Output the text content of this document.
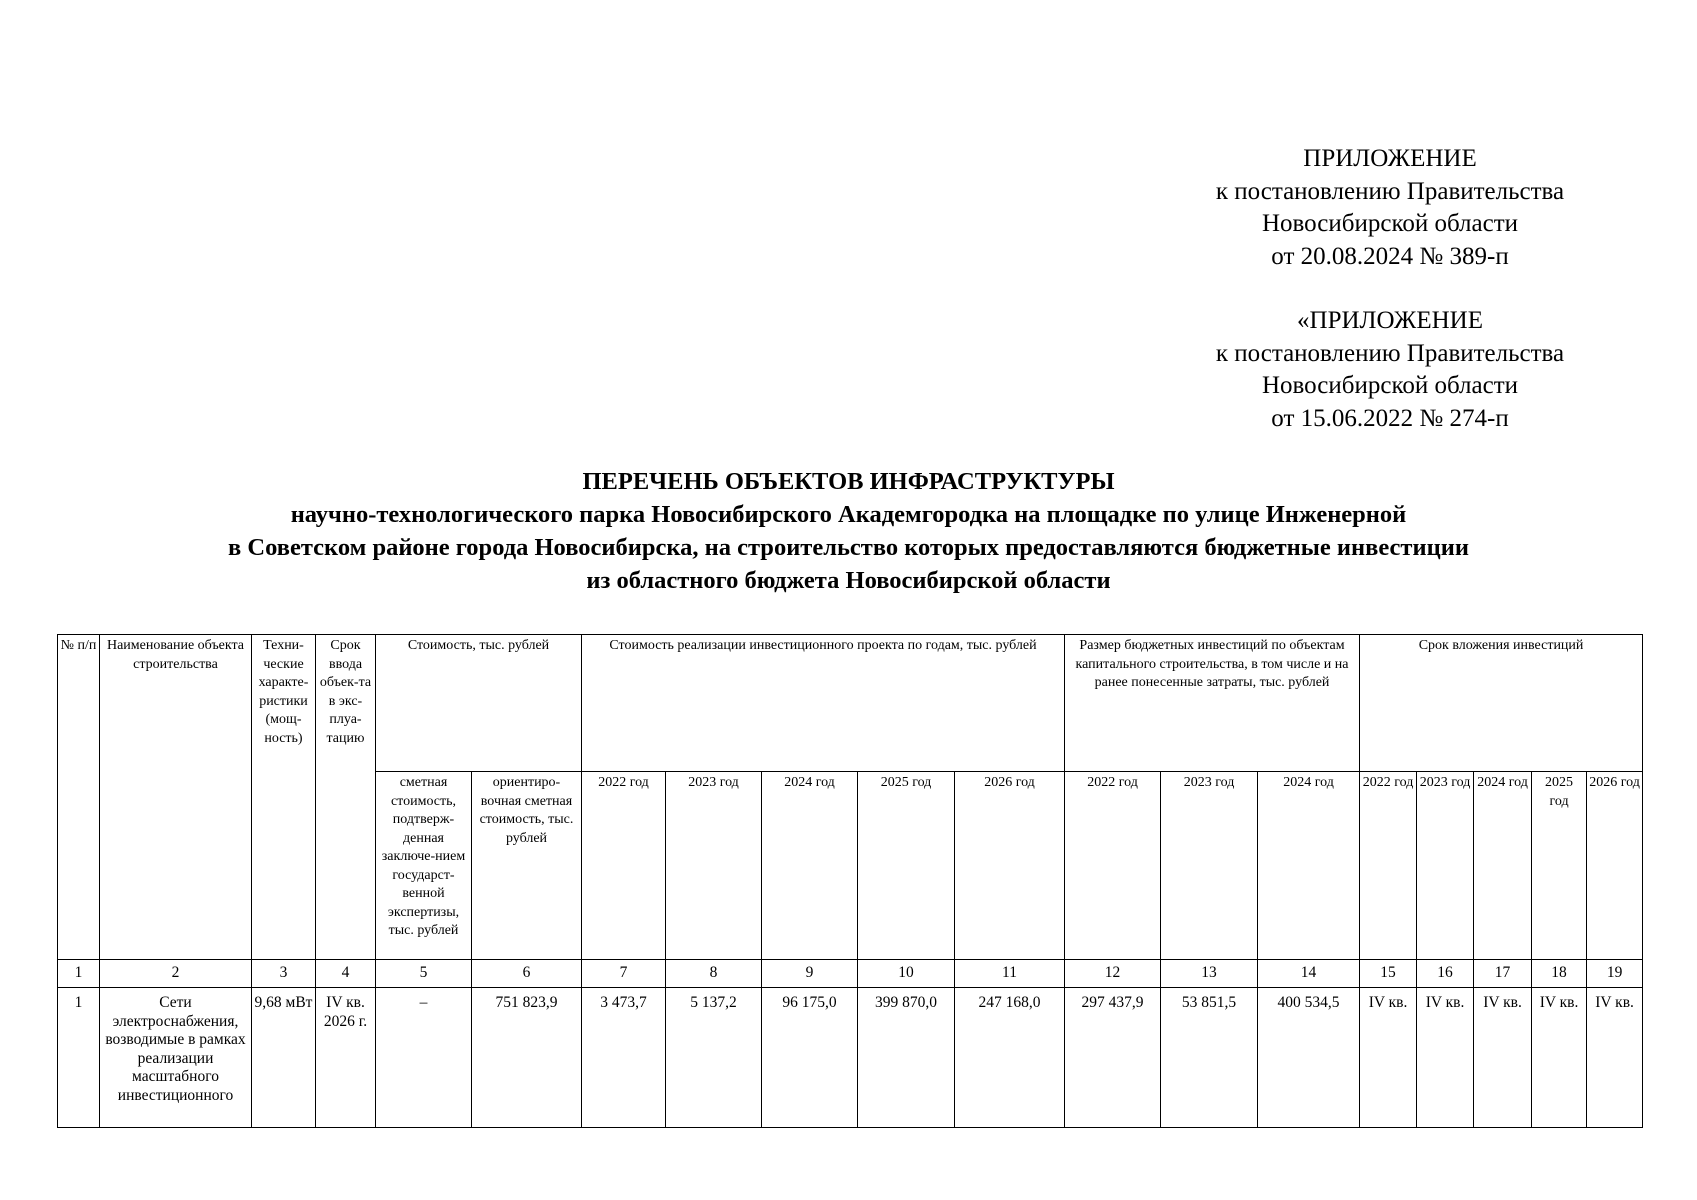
ПРИЛОЖЕНИЕ
к постановлению Правительства
Новосибирской области
от 20.08.2024 № 389-п
«ПРИЛОЖЕНИЕ
к постановлению Правительства
Новосибирской области
от 15.06.2022 № 274-п
ПЕРЕЧЕНЬ ОБЪЕКТОВ ИНФРАСТРУКТУРЫ
научно-технологического парка Новосибирского Академгородка на площадке по улице Инженерной
в Советском районе города Новосибирска, на строительство которых предоставляются бюджетные инвестиции
из областного бюджета Новосибирской области
№ п/п	Наименование объекта строительства	Техни-ческие характе-ристики (мощ-ность)	Срок ввода объек-та в экс-плуа-тацию	Стоимость, тыс. рублей		Стоимость реализации инвестиционного проекта по годам, тыс. рублей					Размер бюджетных инвестиций по объектам капитального строительства, в том числе и на ранее понесенные затраты, тыс. рублей			Срок вложения инвестиций				
				сметная стоимость, подтверж-денная заключе-нием государст-венной экспертизы, тыс. рублей	ориентиро-вочная сметная стоимость, тыс. рублей	2022 год	2023 год	2024 год	2025 год	2026 год	2022 год	2023 год	2024 год	2022 год	2023 год	2024 год	2025 год	2026 год
1	2	3	4	5	6	7	8	9	10	11	12	13	14	15	16	17	18	19
1	Сети электроснабжения, возводимые в рамках реализации масштабного инвестиционного	9,68 мВт	IV кв. 2026 г.	–	751 823,9	3 473,7	5 137,2	96 175,0	399 870,0	247 168,0	297 437,9	53 851,5	400 534,5	IV кв.	IV кв.	IV кв.	IV кв.	IV кв.
